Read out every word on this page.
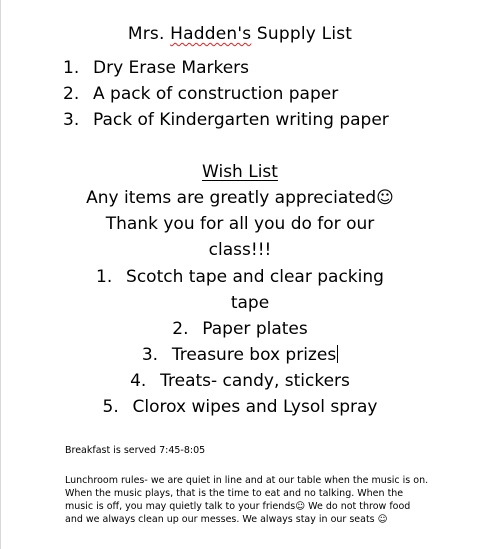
Mrs. Hadden's Supply List
1. Dry Erase Markers
2. A pack of construction paper
3. Pack of Kindergarten writing paper
Wish List
Any items are greatly appreciated☺
Thank you for all you do for our
class!!!
1. Scotch tape and clear packing
tape
2. Paper plates
3. Treasure box prizes
4. Treats- candy, stickers
5. Clorox wipes and Lysol spray
Breakfast is served 7:45-8:05
Lunchroom rules- we are quiet in line and at our table when the music is on.
When the music plays, that is the time to eat and no talking. When the
music is off, you may quietly talk to your friends☺ We do not throw food
and we always clean up our messes. We always stay in our seats ☺
